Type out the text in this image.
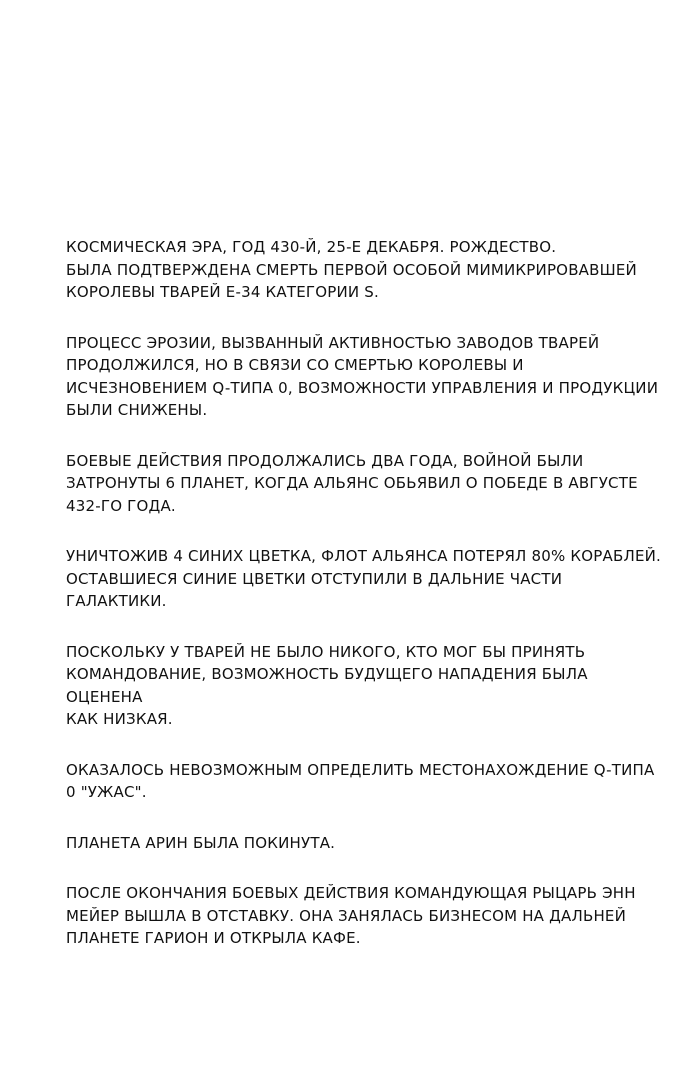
КОСМИЧЕСКАЯ ЭРА, ГОД 430-Й, 25-Е ДЕКАБРЯ. РОЖДЕСТВО.
БЫЛА ПОДТВЕРЖДЕНА СМЕРТЬ ПЕРВОЙ ОСОБОЙ МИМИКРИРОВАВШЕЙ
КОРОЛЕВЫ ТВАРЕЙ Е-34 КАТЕГОРИИ S.

ПРОЦЕСС ЭРОЗИИ, ВЫЗВАННЫЙ АКТИВНОСТЬЮ ЗАВОДОВ ТВАРЕЙ
ПРОДОЛЖИЛСЯ, НО В СВЯЗИ СО СМЕРТЬЮ КОРОЛЕВЫ И
ИСЧЕЗНОВЕНИЕМ Q-ТИПА 0, ВОЗМОЖНОСТИ УПРАВЛЕНИЯ И ПРОДУКЦИИ
БЫЛИ СНИЖЕНЫ.

БОЕВЫЕ ДЕЙСТВИЯ ПРОДОЛЖАЛИСЬ ДВА ГОДА, ВОЙНОЙ БЫЛИ
ЗАТРОНУТЫ 6 ПЛАНЕТ, КОГДА АЛЬЯНС ОБЬЯВИЛ О ПОБЕДЕ В АВГУСТЕ
432-ГО ГОДА.

УНИЧТОЖИВ 4 СИНИХ ЦВЕТКА, ФЛОТ АЛЬЯНСА ПОТЕРЯЛ 80% КОРАБЛЕЙ.
ОСТАВШИЕСЯ СИНИЕ ЦВЕТКИ ОТСТУПИЛИ В ДАЛЬНИЕ ЧАСТИ ГАЛАКТИКИ.

ПОСКОЛЬКУ У ТВАРЕЙ НЕ БЫЛО НИКОГО, КТО МОГ БЫ ПРИНЯТЬ
КОМАНДОВАНИЕ, ВОЗМОЖНОСТЬ БУДУЩЕГО НАПАДЕНИЯ БЫЛА ОЦЕНЕНА
КАК НИЗКАЯ.

ОКАЗАЛОСЬ НЕВОЗМОЖНЫМ ОПРЕДЕЛИТЬ МЕСТОНАХОЖДЕНИЕ Q-ТИПА
0 "УЖАС".

ПЛАНЕТА АРИН БЫЛА ПОКИНУТА.

ПОСЛЕ ОКОНЧАНИЯ БОЕВЫХ ДЕЙСТВИЯ КОМАНДУЮЩАЯ РЫЦАРЬ ЭНН
МЕЙЕР ВЫШЛА В ОТСТАВКУ. ОНА ЗАНЯЛАСЬ БИЗНЕСОМ НА ДАЛЬНЕЙ
ПЛАНЕТЕ ГАРИОН И ОТКРЫЛА КАФЕ.
